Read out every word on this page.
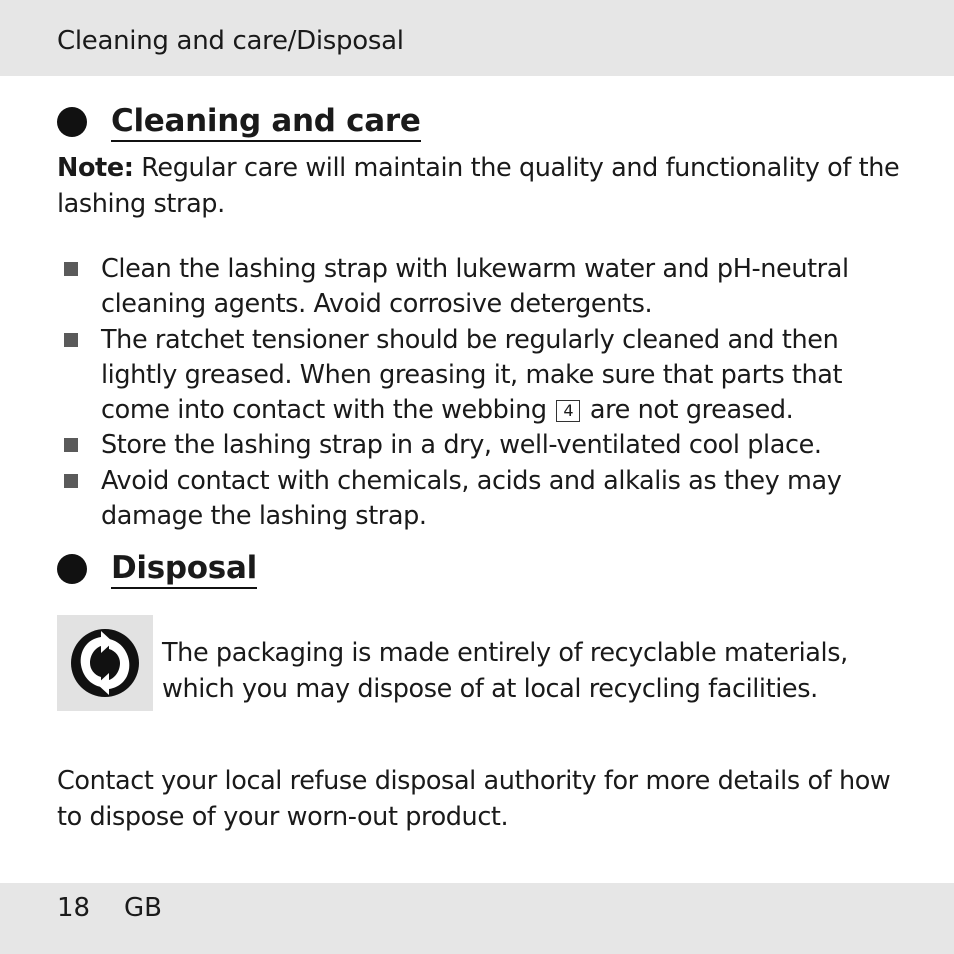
Cleaning and care/Disposal
Cleaning and care
Note: Regular care will maintain the quality and functionality of the lashing strap.
Clean the lashing strap with lukewarm water and pH-neutral cleaning agents. Avoid corrosive detergents.
The ratchet tensioner should be regularly cleaned and then lightly greased. When greasing it, make sure that parts that come into contact with the webbing 4 are not greased.
Store the lashing strap in a dry, well-ventilated cool place.
Avoid contact with chemicals, acids and alkalis as they may damage the lashing strap.
Disposal
The packaging is made entirely of recyclable materials, which you may dispose of at local recycling facilities.
Contact your local refuse disposal authority for more details of how to dispose of your worn-out product.
18 GB
